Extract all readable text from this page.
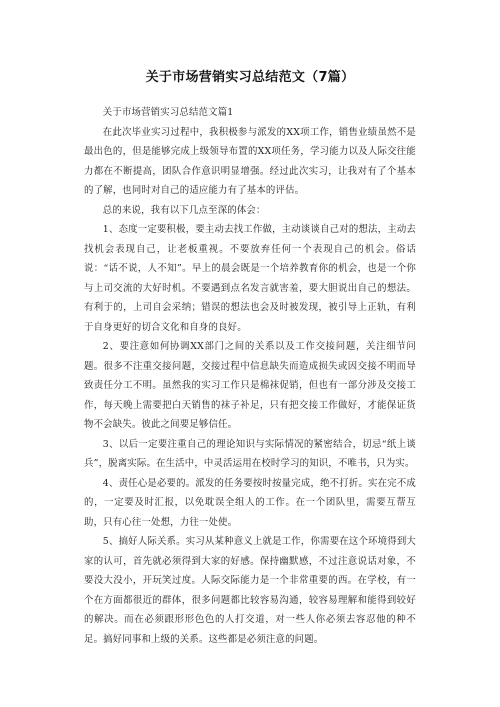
关于市场营销实习总结范文（7篇）

关于市场营销实习总结范文篇1

在此次毕业实习过程中，我积极参与派发的XX项工作，销售业绩虽然不是最出色的，但是能够完成上级领导布置的XX项任务，学习能力以及人际交往能力都在不断提高，团队合作意识明显增强。经过此次实习，让我对有了个基本的了解，也同时对自己的适应能力有了基本的评估。

总的来说，我有以下几点至深的体会：

1、态度一定要积极，要主动去找工作做，主动谈谈自己对的想法，主动去找机会表现自己，让老板重视。不要放弃任何一个表现自己的机会。俗话说：“话不说，人不知”。早上的晨会既是一个培养教育你的机会，也是一个你与上司交流的大好时机。不要遇到点名发言就害羞，要大胆说出自己的想法。有利于的，上司自会采纳；错误的想法也会及时被发现，被引导上正轨，有利于自身更好的切合文化和自身的良好。

2、要注意如何协调XX部门之间的关系以及工作交接问题，关注细节问题。很多不注重交接问题，交接过程中信息缺失而造成损失或因交接不明而导致责任分工不明。虽然我的实习工作只是棉袜促销，但也有一部分涉及交接工作，每天晚上需要把白天销售的袜子补足，只有把交接工作做好，才能保证货物不会缺失。彼此之间要足够信任。

3、以后一定要注重自己的理论知识与实际情况的紧密结合，切忌“纸上谈兵”，脱离实际。在生活中，中灵活运用在校时学习的知识，不唯书，只为实。

4、责任心是必要的。派发的任务要按时按量完成，绝不打折。实在完不成的，一定要及时汇报，以免耽误全组人的工作。在一个团队里，需要互帮互助，只有心往一处想，力往一处使。

5、搞好人际关系。实习从某种意义上就是工作，你需要在这个环境得到大家的认可，首先就必须得到大家的好感。保持幽默感，不过注意说话对象，不要没大没小，开玩笑过度。人际交际能力是一个非常重要的西。在学校，有一个在方面都很近的群体，很多问题都比较容易沟通，较容易理解和能得到较好的解决。而在必须跟形形色色的人打交道，对一些人你必须去容忍他的种不足。搞好同事和上级的关系。这些都是必须注意的问题。
